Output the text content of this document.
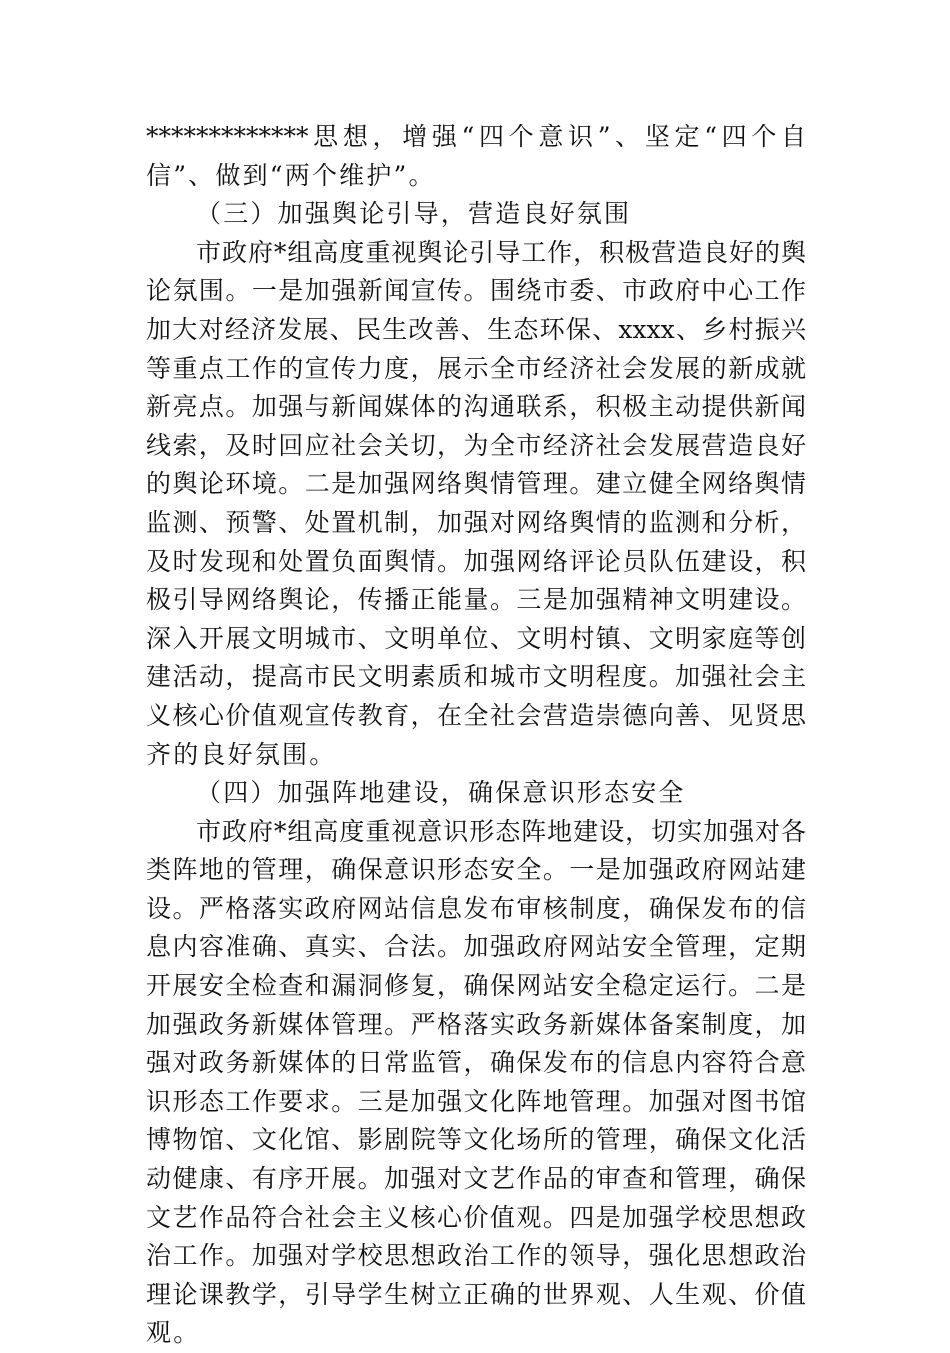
*************思想，增强“四个意识”、坚定“四个自
信”、做到“两个维护”。
（三）加强舆论引导，营造良好氛围
市政府*组高度重视舆论引导工作，积极营造良好的舆
论氛围。一是加强新闻宣传。围绕市委、市政府中心工作
加大对经济发展、民生改善、生态环保、xxxx、乡村振兴
等重点工作的宣传力度，展示全市经济社会发展的新成就
新亮点。加强与新闻媒体的沟通联系，积极主动提供新闻
线索，及时回应社会关切，为全市经济社会发展营造良好
的舆论环境。二是加强网络舆情管理。建立健全网络舆情
监测、预警、处置机制，加强对网络舆情的监测和分析，
及时发现和处置负面舆情。加强网络评论员队伍建设，积
极引导网络舆论，传播正能量。三是加强精神文明建设。
深入开展文明城市、文明单位、文明村镇、文明家庭等创
建活动，提高市民文明素质和城市文明程度。加强社会主
义核心价值观宣传教育，在全社会营造崇德向善、见贤思
齐的良好氛围。
（四）加强阵地建设，确保意识形态安全
市政府*组高度重视意识形态阵地建设，切实加强对各
类阵地的管理，确保意识形态安全。一是加强政府网站建
设。严格落实政府网站信息发布审核制度，确保发布的信
息内容准确、真实、合法。加强政府网站安全管理，定期
开展安全检查和漏洞修复，确保网站安全稳定运行。二是
加强政务新媒体管理。严格落实政务新媒体备案制度，加
强对政务新媒体的日常监管，确保发布的信息内容符合意
识形态工作要求。三是加强文化阵地管理。加强对图书馆
博物馆、文化馆、影剧院等文化场所的管理，确保文化活
动健康、有序开展。加强对文艺作品的审查和管理，确保
文艺作品符合社会主义核心价值观。四是加强学校思想政
治工作。加强对学校思想政治工作的领导，强化思想政治
理论课教学，引导学生树立正确的世界观、人生观、价值
观。
